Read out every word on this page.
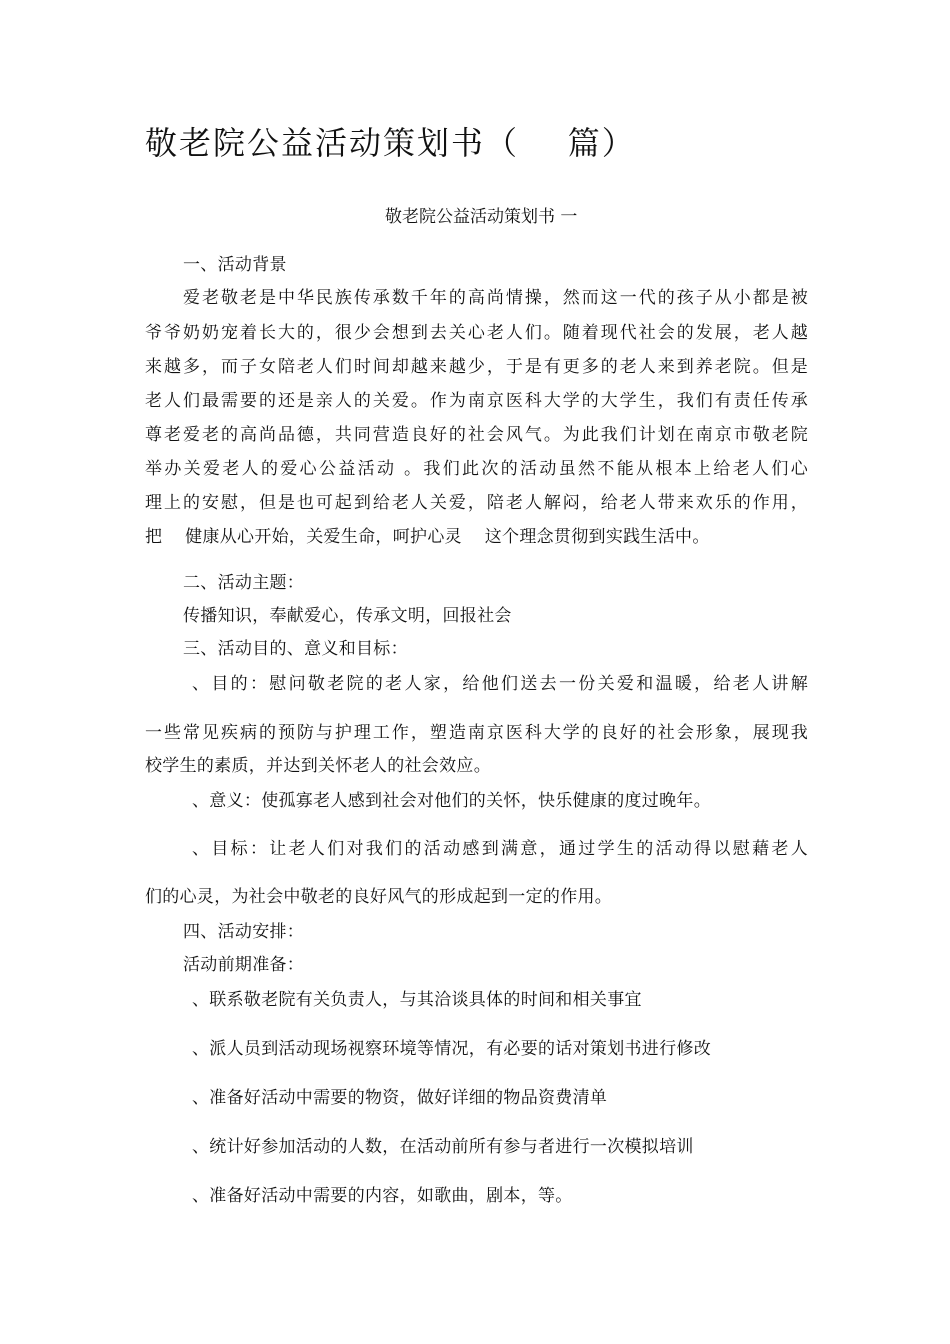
敬老院公益活动策划书（    篇）
敬老院公益活动策划书 一
一、活动背景
爱老敬老是中华民族传承数千年的高尚情操，然而这一代的孩子从小都是被
爷爷奶奶宠着长大的，很少会想到去关心老人们。随着现代社会的发展，老人越
来越多，而子女陪老人们时间却越来越少，于是有更多的老人来到养老院。但是
老人们最需要的还是亲人的关爱。作为南京医科大学的大学生，我们有责任传承
尊老爱老的高尚品德，共同营造良好的社会风气。为此我们计划在南京市敬老院
举办关爱老人的爱心公益活动 。我们此次的活动虽然不能从根本上给老人们心
理上的安慰，但是也可起到给老人关爱，陪老人解闷，给老人带来欢乐的作用，
把    健康从心开始，关爱生命，呵护心灵    这个理念贯彻到实践生活中。
二、活动主题：
传播知识，奉献爱心，传承文明，回报社会
三、活动目的、意义和目标：
、目的：慰问敬老院的老人家，给他们送去一份关爱和温暖，给老人讲解
一些常见疾病的预防与护理工作，塑造南京医科大学的良好的社会形象，展现我
校学生的素质，并达到关怀老人的社会效应。
、意义：使孤寡老人感到社会对他们的关怀，快乐健康的度过晚年。
、目标：让老人们对我们的活动感到满意，通过学生的活动得以慰藉老人
们的心灵，为社会中敬老的良好风气的形成起到一定的作用。
四、活动安排：
活动前期准备：
、联系敬老院有关负责人，与其洽谈具体的时间和相关事宜
、派人员到活动现场视察环境等情况，有必要的话对策划书进行修改
、准备好活动中需要的物资，做好详细的物品资费清单
、统计好参加活动的人数，在活动前所有参与者进行一次模拟培训
、准备好活动中需要的内容，如歌曲，剧本，等。
